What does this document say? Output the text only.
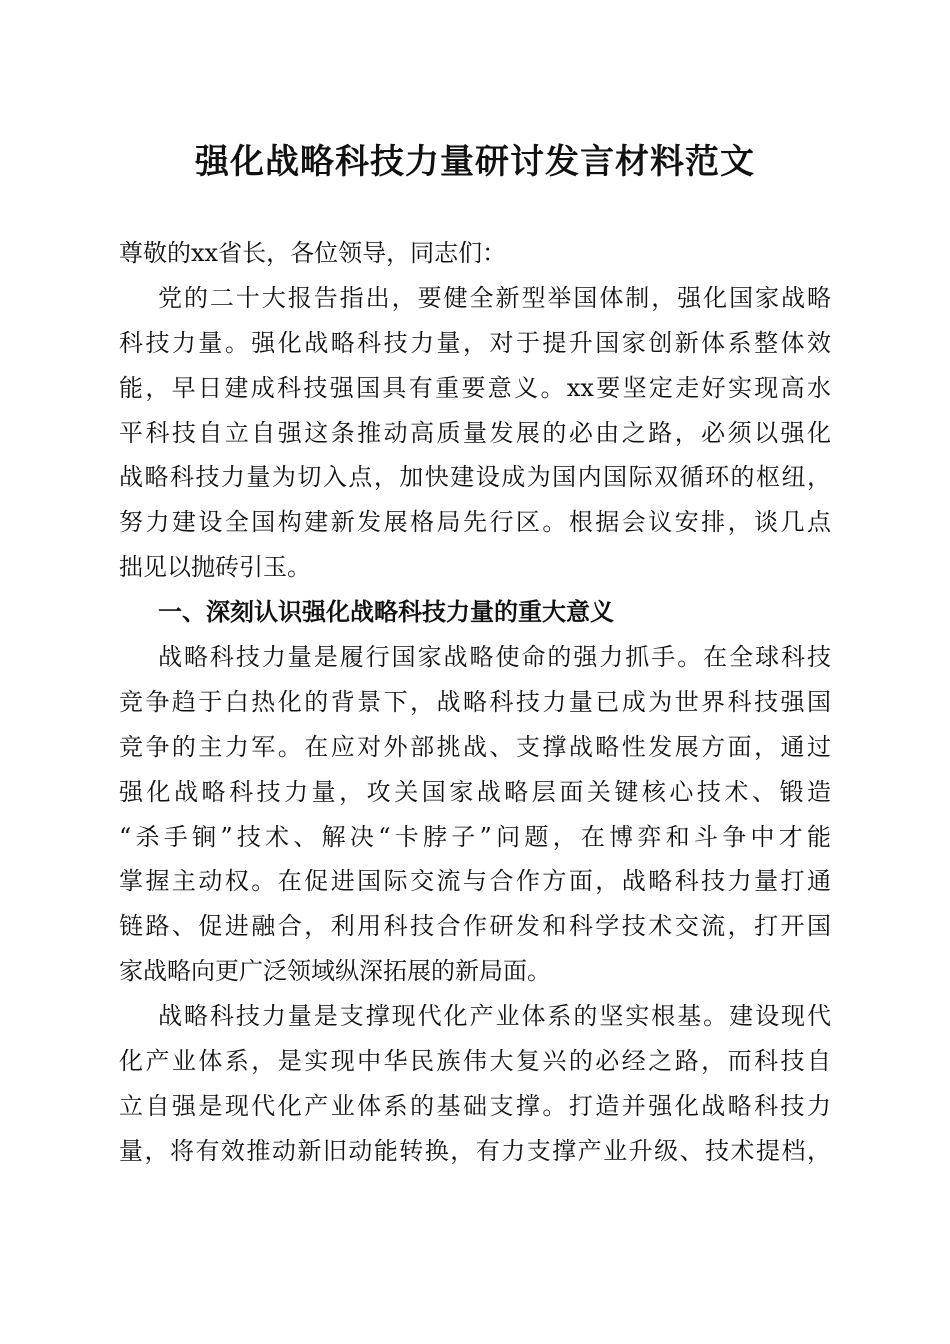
强化战略科技力量研讨发言材料范文
尊敬的xx省长，各位领导，同志们：
党的二十大报告指出，要健全新型举国体制，强化国家战略
科技力量。强化战略科技力量，对于提升国家创新体系整体效
能，早日建成科技强国具有重要意义。xx要坚定走好实现高水
平科技自立自强这条推动高质量发展的必由之路，必须以强化
战略科技力量为切入点，加快建设成为国内国际双循环的枢纽，
努力建设全国构建新发展格局先行区。根据会议安排，谈几点
拙见以抛砖引玉。
一、深刻认识强化战略科技力量的重大意义
战略科技力量是履行国家战略使命的强力抓手。在全球科技
竞争趋于白热化的背景下，战略科技力量已成为世界科技强国
竞争的主力军。在应对外部挑战、支撑战略性发展方面，通过
强化战略科技力量，攻关国家战略层面关键核心技术、锻造
“杀手锏”技术、解决“卡脖子”问题，在博弈和斗争中才能
掌握主动权。在促进国际交流与合作方面，战略科技力量打通
链路、促进融合，利用科技合作研发和科学技术交流，打开国
家战略向更广泛领域纵深拓展的新局面。
战略科技力量是支撑现代化产业体系的坚实根基。建设现代
化产业体系，是实现中华民族伟大复兴的必经之路，而科技自
立自强是现代化产业体系的基础支撑。打造并强化战略科技力
量，将有效推动新旧动能转换，有力支撑产业升级、技术提档，
